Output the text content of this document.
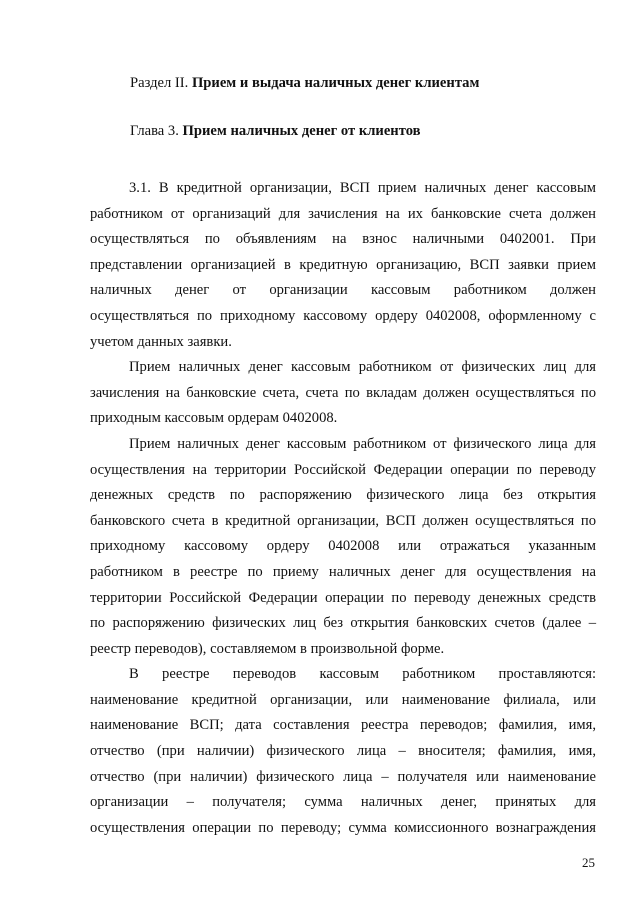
Раздел II. Прием и выдача наличных денег клиентам
Глава 3. Прием наличных денег от клиентов
3.1. В кредитной организации, ВСП прием наличных денег кассовым
работником от организаций для зачисления на их банковские счета должен
осуществляться по объявлениям на взнос наличными 0402001. При
представлении организацией в кредитную организацию, ВСП заявки прием
наличных денег от организации кассовым работником должен
осуществляться по приходному кассовому ордеру 0402008, оформленному с
учетом данных заявки.
Прием наличных денег кассовым работником от физических лиц для
зачисления на банковские счета, счета по вкладам должен осуществляться по
приходным кассовым ордерам 0402008.
Прием наличных денег кассовым работником от физического лица для
осуществления на территории Российской Федерации операции по переводу
денежных средств по распоряжению физического лица без открытия
банковского счета в кредитной организации, ВСП должен осуществляться по
приходному кассовому ордеру 0402008 или отражаться указанным
работником в реестре по приему наличных денег для осуществления на
территории Российской Федерации операции по переводу денежных средств
по распоряжению физических лиц без открытия банковских счетов (далее –
реестр переводов), составляемом в произвольной форме.
В реестре переводов кассовым работником проставляются:
наименование кредитной организации, или наименование филиала, или
наименование ВСП; дата составления реестра переводов; фамилия, имя,
отчество (при наличии) физического лица – вносителя; фамилия, имя,
отчество (при наличии) физического лица – получателя или наименование
организации – получателя; сумма наличных денег, принятых для
осуществления операции по переводу; сумма комиссионного вознаграждения
25
